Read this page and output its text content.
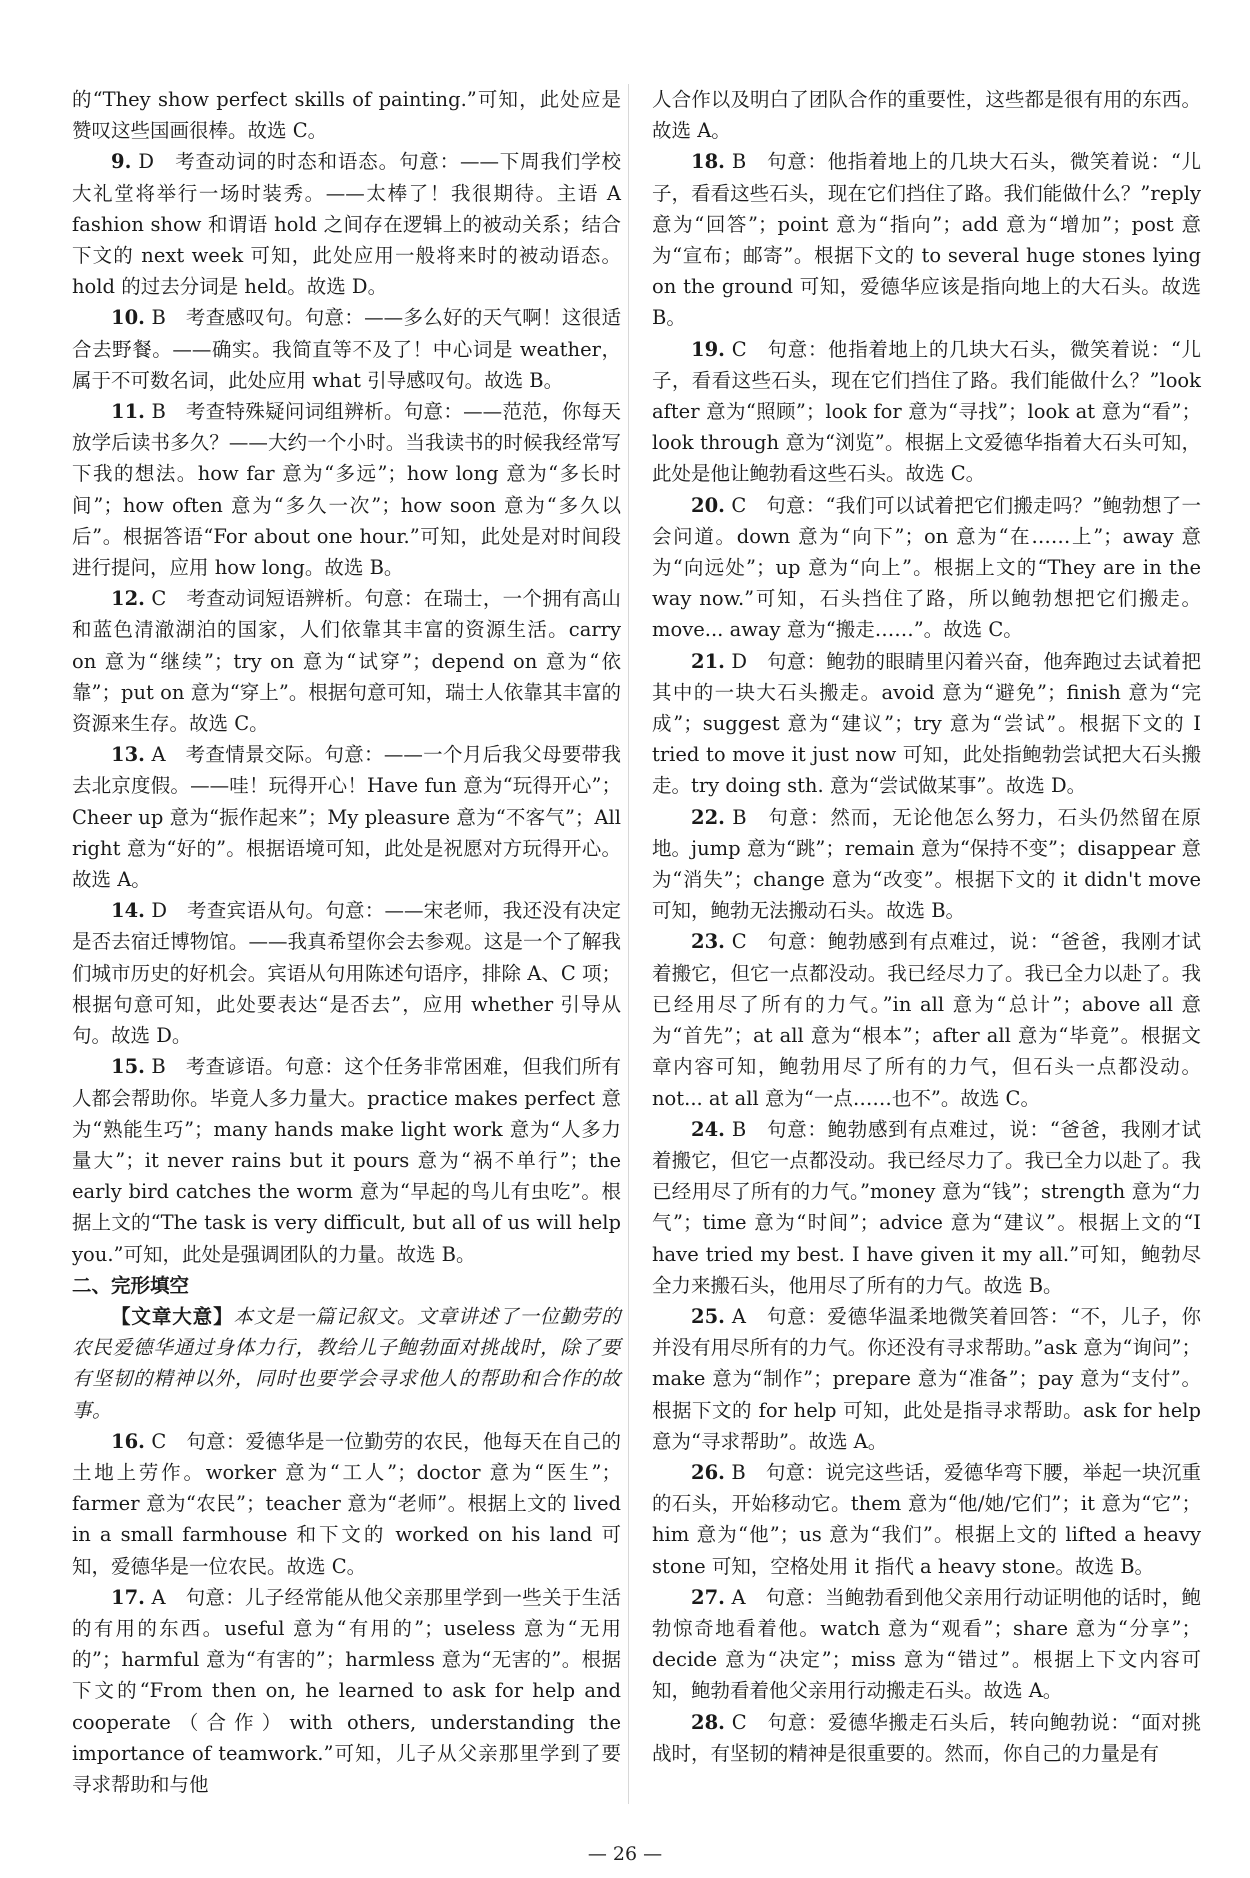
的“They show perfect skills of painting.”可知，此处应是赞叹这些国画很棒。故选 C。

9. D　考查动词的时态和语态。句意：——下周我们学校大礼堂将举行一场时装秀。——太棒了！我很期待。主语 A fashion show 和谓语 hold 之间存在逻辑上的被动关系；结合下文的 next week 可知，此处应用一般将来时的被动语态。hold 的过去分词是 held。故选 D。

10. B　考查感叹句。句意：——多么好的天气啊！这很适合去野餐。——确实。我简直等不及了！中心词是 weather，属于不可数名词，此处应用 what 引导感叹句。故选 B。

11. B　考查特殊疑问词组辨析。句意：——范范，你每天放学后读书多久？——大约一个小时。当我读书的时候我经常写下我的想法。how far 意为“多远”；how long 意为“多长时间”；how often 意为“多久一次”；how soon 意为“多久以后”。根据答语“For about one hour.”可知，此处是对时间段进行提问，应用 how long。故选 B。

12. C　考查动词短语辨析。句意：在瑞士，一个拥有高山和蓝色清澈湖泊的国家，人们依靠其丰富的资源生活。carry on 意为“继续”；try on 意为“试穿”；depend on 意为“依靠”；put on 意为“穿上”。根据句意可知，瑞士人依靠其丰富的资源来生存。故选 C。

13. A　考查情景交际。句意：——一个月后我父母要带我去北京度假。——哇！玩得开心！Have fun 意为“玩得开心”；Cheer up 意为“振作起来”；My pleasure 意为“不客气”；All right 意为“好的”。根据语境可知，此处是祝愿对方玩得开心。故选 A。

14. D　考查宾语从句。句意：——宋老师，我还没有决定是否去宿迁博物馆。——我真希望你会去参观。这是一个了解我们城市历史的好机会。宾语从句用陈述句语序，排除 A、C 项；根据句意可知，此处要表达“是否去”，应用 whether 引导从句。故选 D。

15. B　考查谚语。句意：这个任务非常困难，但我们所有人都会帮助你。毕竟人多力量大。practice makes perfect 意为“熟能生巧”；many hands make light work 意为“人多力量大”；it never rains but it pours 意为“祸不单行”；the early bird catches the worm 意为“早起的鸟儿有虫吃”。根据上文的“The task is very difficult, but all of us will help you.”可知，此处是强调团队的力量。故选 B。

二、完形填空

【文章大意】本文是一篇记叙文。文章讲述了一位勤劳的农民爱德华通过身体力行，教给儿子鲍勃面对挑战时，除了要有坚韧的精神以外，同时也要学会寻求他人的帮助和合作的故事。

16. C　句意：爱德华是一位勤劳的农民，他每天在自己的土地上劳作。worker 意为“工人”；doctor 意为“医生”；farmer 意为“农民”；teacher 意为“老师”。根据上文的 lived in a small farmhouse 和下文的 worked on his land 可知，爱德华是一位农民。故选 C。

17. A　句意：儿子经常能从他父亲那里学到一些关于生活的有用的东西。useful 意为“有用的”；useless 意为“无用的”；harmful 意为“有害的”；harmless 意为“无害的”。根据下文的“From then on, he learned to ask for help and cooperate（合作）with others, understanding the importance of teamwork.”可知，儿子从父亲那里学到了要寻求帮助和与他

人合作以及明白了团队合作的重要性，这些都是很有用的东西。故选 A。

18. B　句意：他指着地上的几块大石头，微笑着说：“儿子，看看这些石头，现在它们挡住了路。我们能做什么？”reply 意为“回答”；point 意为“指向”；add 意为“增加”；post 意为“宣布；邮寄”。根据下文的 to several huge stones lying on the ground 可知，爱德华应该是指向地上的大石头。故选 B。

19. C　句意：他指着地上的几块大石头，微笑着说：“儿子，看看这些石头，现在它们挡住了路。我们能做什么？”look after 意为“照顾”；look for 意为“寻找”；look at 意为“看”；look through 意为“浏览”。根据上文爱德华指着大石头可知，此处是他让鲍勃看这些石头。故选 C。

20. C　句意：“我们可以试着把它们搬走吗？”鲍勃想了一会问道。down 意为“向下”；on 意为“在……上”；away 意为“向远处”；up 意为“向上”。根据上文的“They are in the way now.”可知，石头挡住了路，所以鲍勃想把它们搬走。move... away 意为“搬走……”。故选 C。

21. D　句意：鲍勃的眼睛里闪着兴奋，他奔跑过去试着把其中的一块大石头搬走。avoid 意为“避免”；finish 意为“完成”；suggest 意为“建议”；try 意为“尝试”。根据下文的 I tried to move it just now 可知，此处指鲍勃尝试把大石头搬走。try doing sth. 意为“尝试做某事”。故选 D。

22. B　句意：然而，无论他怎么努力，石头仍然留在原地。jump 意为“跳”；remain 意为“保持不变”；disappear 意为“消失”；change 意为“改变”。根据下文的 it didn't move 可知，鲍勃无法搬动石头。故选 B。

23. C　句意：鲍勃感到有点难过，说：“爸爸，我刚才试着搬它，但它一点都没动。我已经尽力了。我已全力以赴了。我已经用尽了所有的力气。”in all 意为“总计”；above all 意为“首先”；at all 意为“根本”；after all 意为“毕竟”。根据文章内容可知，鲍勃用尽了所有的力气，但石头一点都没动。not... at all 意为“一点……也不”。故选 C。

24. B　句意：鲍勃感到有点难过，说：“爸爸，我刚才试着搬它，但它一点都没动。我已经尽力了。我已全力以赴了。我已经用尽了所有的力气。”money 意为“钱”；strength 意为“力气”；time 意为“时间”；advice 意为“建议”。根据上文的“I have tried my best. I have given it my all.”可知，鲍勃尽全力来搬石头，他用尽了所有的力气。故选 B。

25. A　句意：爱德华温柔地微笑着回答：“不，儿子，你并没有用尽所有的力气。你还没有寻求帮助。”ask 意为“询问”；make 意为“制作”；prepare 意为“准备”；pay 意为“支付”。根据下文的 for help 可知，此处是指寻求帮助。ask for help 意为“寻求帮助”。故选 A。

26. B　句意：说完这些话，爱德华弯下腰，举起一块沉重的石头，开始移动它。them 意为“他/她/它们”；it 意为“它”；him 意为“他”；us 意为“我们”。根据上文的 lifted a heavy stone 可知，空格处用 it 指代 a heavy stone。故选 B。

27. A　句意：当鲍勃看到他父亲用行动证明他的话时，鲍勃惊奇地看着他。watch 意为“观看”；share 意为“分享”；decide 意为“决定”；miss 意为“错过”。根据上下文内容可知，鲍勃看着他父亲用行动搬走石头。故选 A。

28. C　句意：爱德华搬走石头后，转向鲍勃说：“面对挑战时，有坚韧的精神是很重要的。然而，你自己的力量是有

— 26 —
